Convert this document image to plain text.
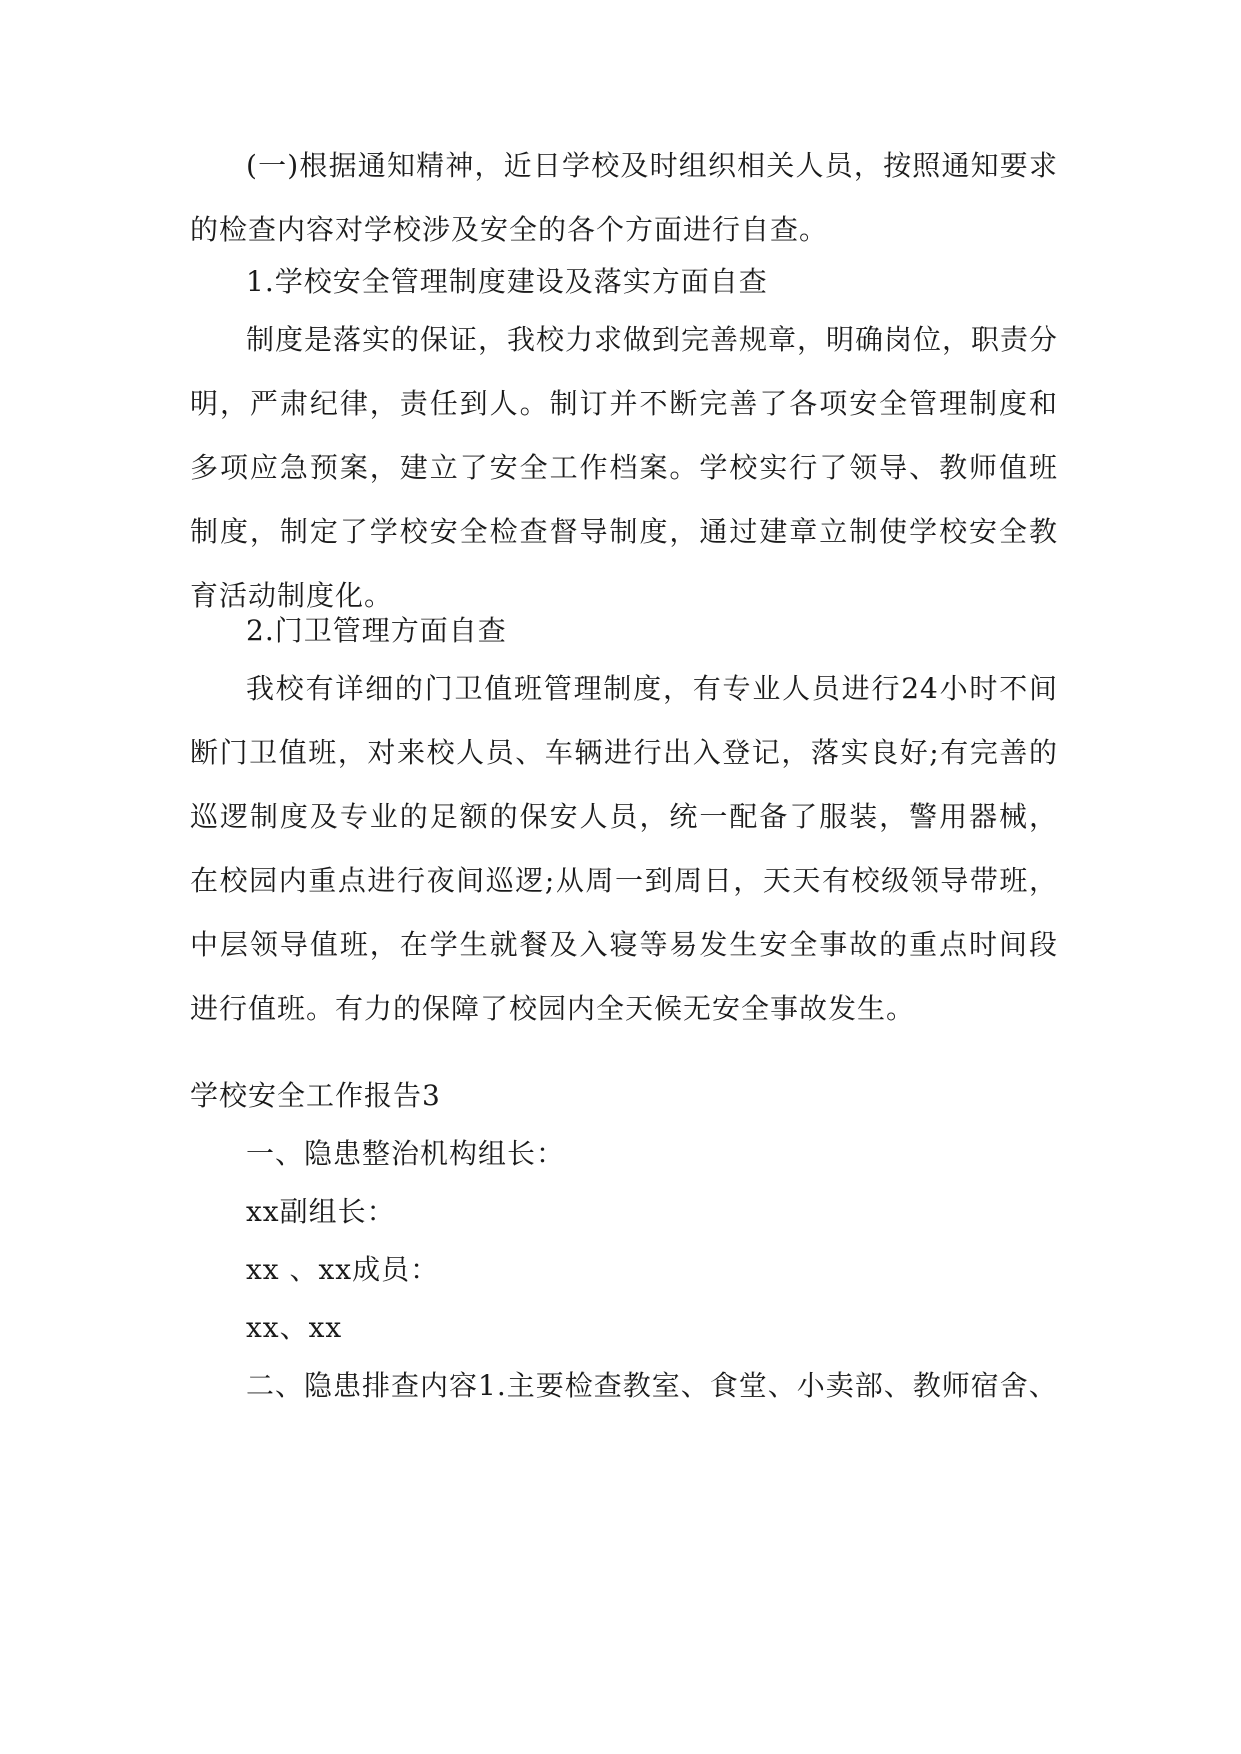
(一)根据通知精神，近日学校及时组织相关人员，按照通知要求的检查内容对学校涉及安全的各个方面进行自查。

1.学校安全管理制度建设及落实方面自查

制度是落实的保证，我校力求做到完善规章，明确岗位，职责分明，严肃纪律，责任到人。制订并不断完善了各项安全管理制度和多项应急预案，建立了安全工作档案。学校实行了领导、教师值班制度，制定了学校安全检查督导制度，通过建章立制使学校安全教育活动制度化。

2.门卫管理方面自查

我校有详细的门卫值班管理制度，有专业人员进行24小时不间断门卫值班，对来校人员、车辆进行出入登记，落实良好;有完善的巡逻制度及专业的足额的保安人员，统一配备了服装，警用器械，在校园内重点进行夜间巡逻;从周一到周日，天天有校级领导带班，中层领导值班，在学生就餐及入寝等易发生安全事故的重点时间段进行值班。有力的保障了校园内全天候无安全事故发生。

学校安全工作报告3

一、隐患整治机构组长：

xx副组长：

xx 、xx成员：

xx、xx

二、隐患排查内容1.主要检查教室、食堂、小卖部、教师宿舍、
